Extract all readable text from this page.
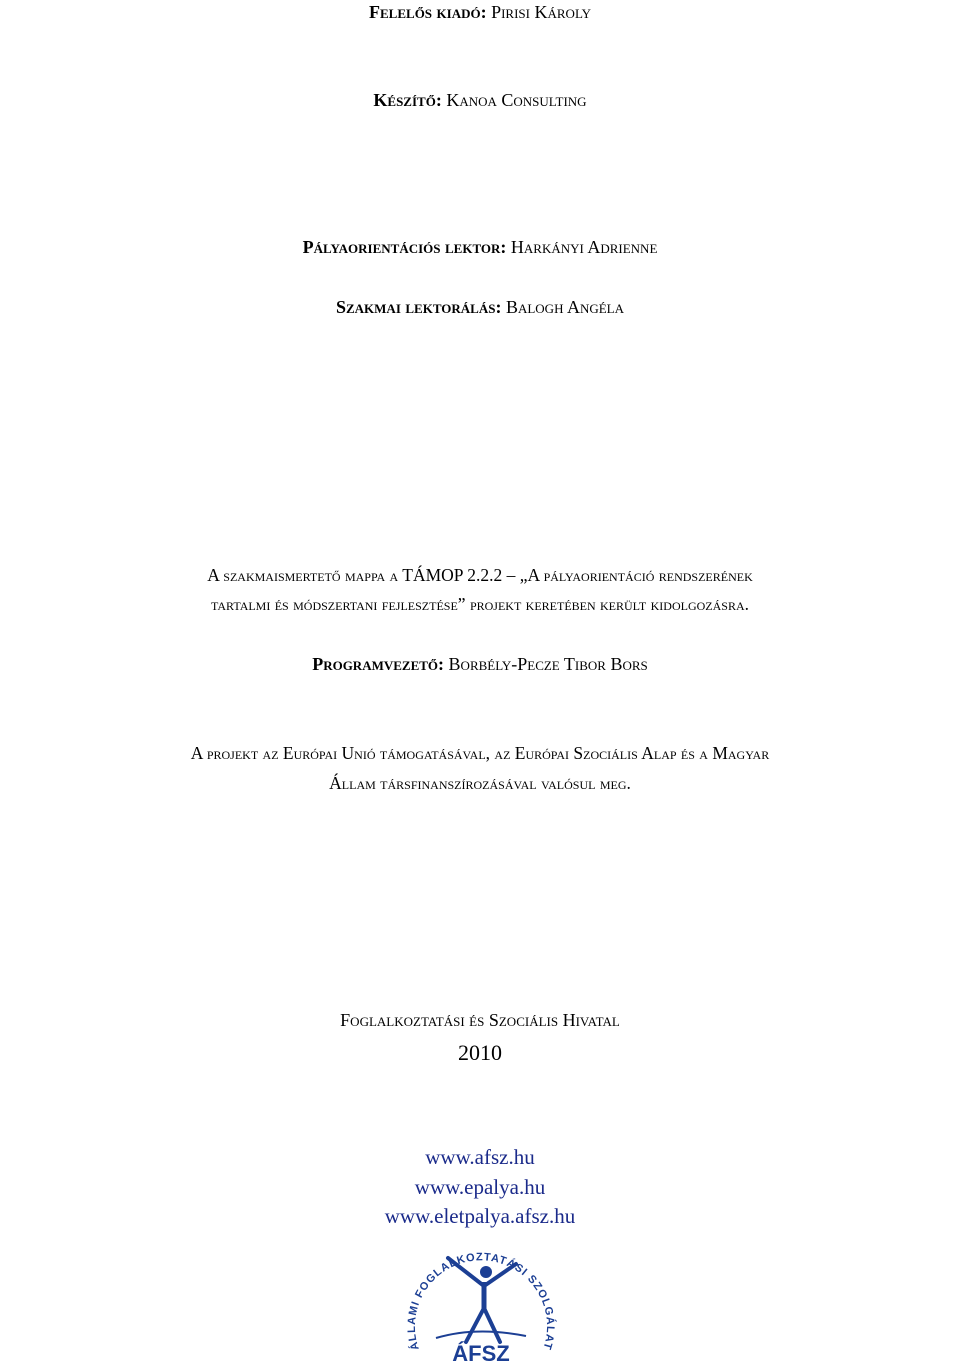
Felelős kiadó: Pirisi Károly
Készítő: Kanoa Consulting
Pályaorientációs lektor: Harkányi Adrienne
Szakmai lektorálás: Balogh Angéla
A szakmaismertető mappa a TÁMOP 2.2.2 – „A pályaorientáció rendszerének
tartalmi és módszertani fejlesztése” projekt keretében került kidolgozásra.
Programvezető: Borbély-Pecze Tibor Bors
A projekt az Európai Unió támogatásával, az Európai Szociális Alap és a Magyar
Állam társfinanszírozásával valósul meg.
Foglalkoztatási és Szociális Hivatal
2010
www.afsz.hu
www.epalya.hu
www.eletpalya.afsz.hu
ÁLLAMI FOGLALKOZTATÁSI SZOLGÁLAT
ÁFSZ
